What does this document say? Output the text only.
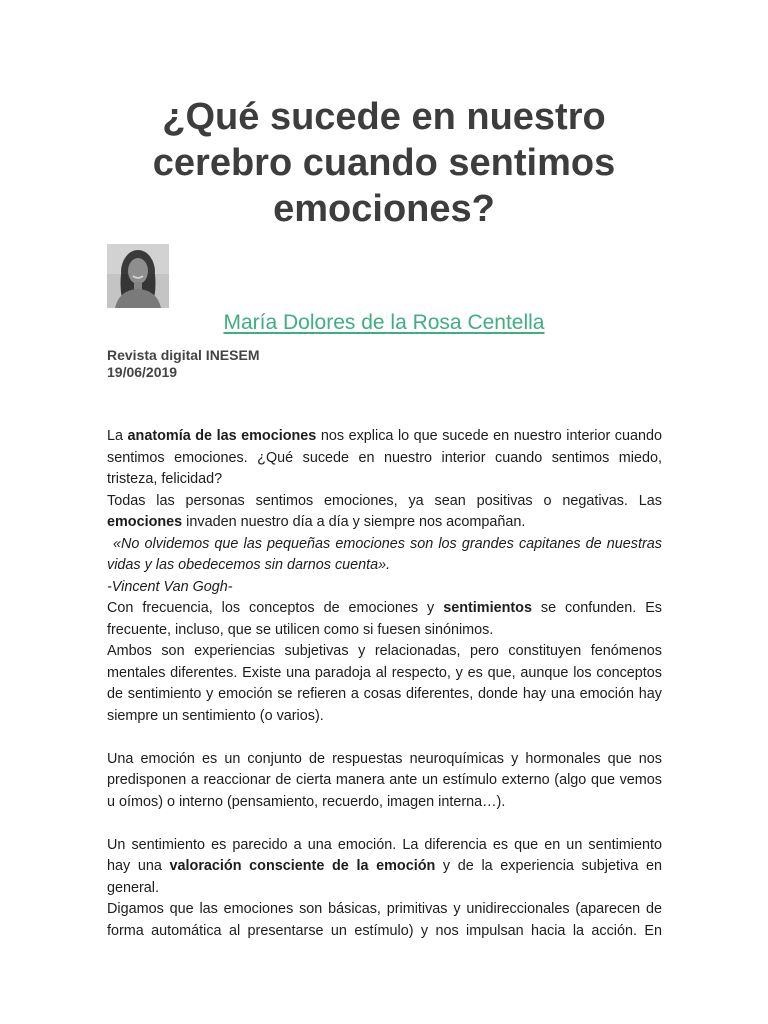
¿Qué sucede en nuestro cerebro cuando sentimos emociones?
María Dolores de la Rosa Centella
Revista digital INESEM
19/06/2019

La anatomía de las emociones nos explica lo que sucede en nuestro interior cuando sentimos emociones. ¿Qué sucede en nuestro interior cuando sentimos miedo, tristeza, felicidad?

Todas las personas sentimos emociones, ya sean positivas o negativas. Las emociones invaden nuestro día a día y siempre nos acompañan.

«No olvidemos que las pequeñas emociones son los grandes capitanes de nuestras vidas y las obedecemos sin darnos cuenta».

-Vincent Van Gogh-

Con frecuencia, los conceptos de emociones y sentimientos se confunden. Es frecuente, incluso, que se utilicen como si fuesen sinónimos.

Ambos son experiencias subjetivas y relacionadas, pero constituyen fenómenos mentales diferentes. Existe una paradoja al respecto, y es que, aunque los conceptos de sentimiento y emoción se refieren a cosas diferentes, donde hay una emoción hay siempre un sentimiento (o varios).

Una emoción es un conjunto de respuestas neuroquímicas y hormonales que nos predisponen a reaccionar de cierta manera ante un estímulo externo (algo que vemos u oímos) o interno (pensamiento, recuerdo, imagen interna…).

Un sentimiento es parecido a una emoción. La diferencia es que en un sentimiento hay una valoración consciente de la emoción y de la experiencia subjetiva en general.

Digamos que las emociones son básicas, primitivas y unidireccionales (aparecen de forma automática al presentarse un estímulo) y nos impulsan hacia la acción. En
